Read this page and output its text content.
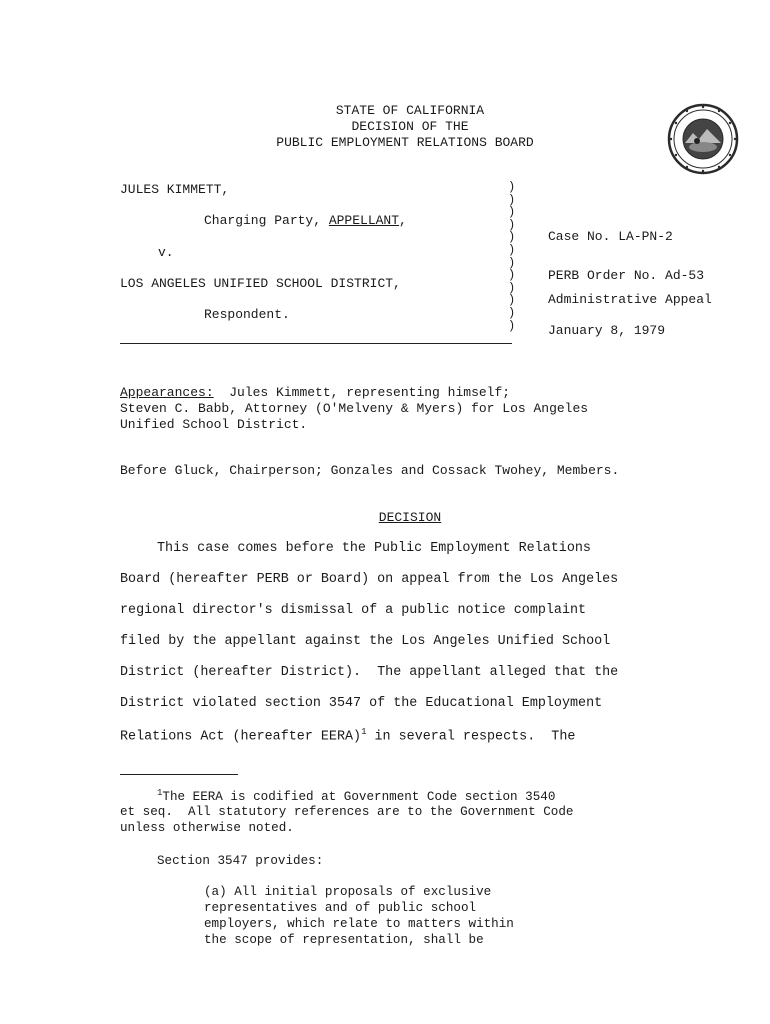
STATE OF CALIFORNIA
DECISION OF THE
PUBLIC EMPLOYMENT RELATIONS BOARD
JULES KIMMETT,
Charging Party, APPELLANT,
v.
LOS ANGELES UNIFIED SCHOOL DISTRICT,
Respondent.
)
)
)
)
)
)
)
)
)
)
)
)
Case No. LA-PN-2
PERB Order No. Ad-53
Administrative Appeal
January 8, 1979
Appearances:  Jules Kimmett, representing himself;
Steven C. Babb, Attorney (O'Melveny & Myers) for Los Angeles
Unified School District.
Before Gluck, Chairperson; Gonzales and Cossack Twohey, Members.
DECISION
This case comes before the Public Employment Relations
Board (hereafter PERB or Board) on appeal from the Los Angeles
regional director's dismissal of a public notice complaint
filed by the appellant against the Los Angeles Unified School
District (hereafter District).  The appellant alleged that the
District violated section 3547 of the Educational Employment
Relations Act (hereafter EERA)$^1$ in several respects.  The
$^1$The EERA is codified at Government Code section 3540
et seq.  All statutory references are to the Government Code
unless otherwise noted.
Section 3547 provides:
(a) All initial proposals of exclusive
representatives and of public school
employers, which relate to matters within
the scope of representation, shall be
